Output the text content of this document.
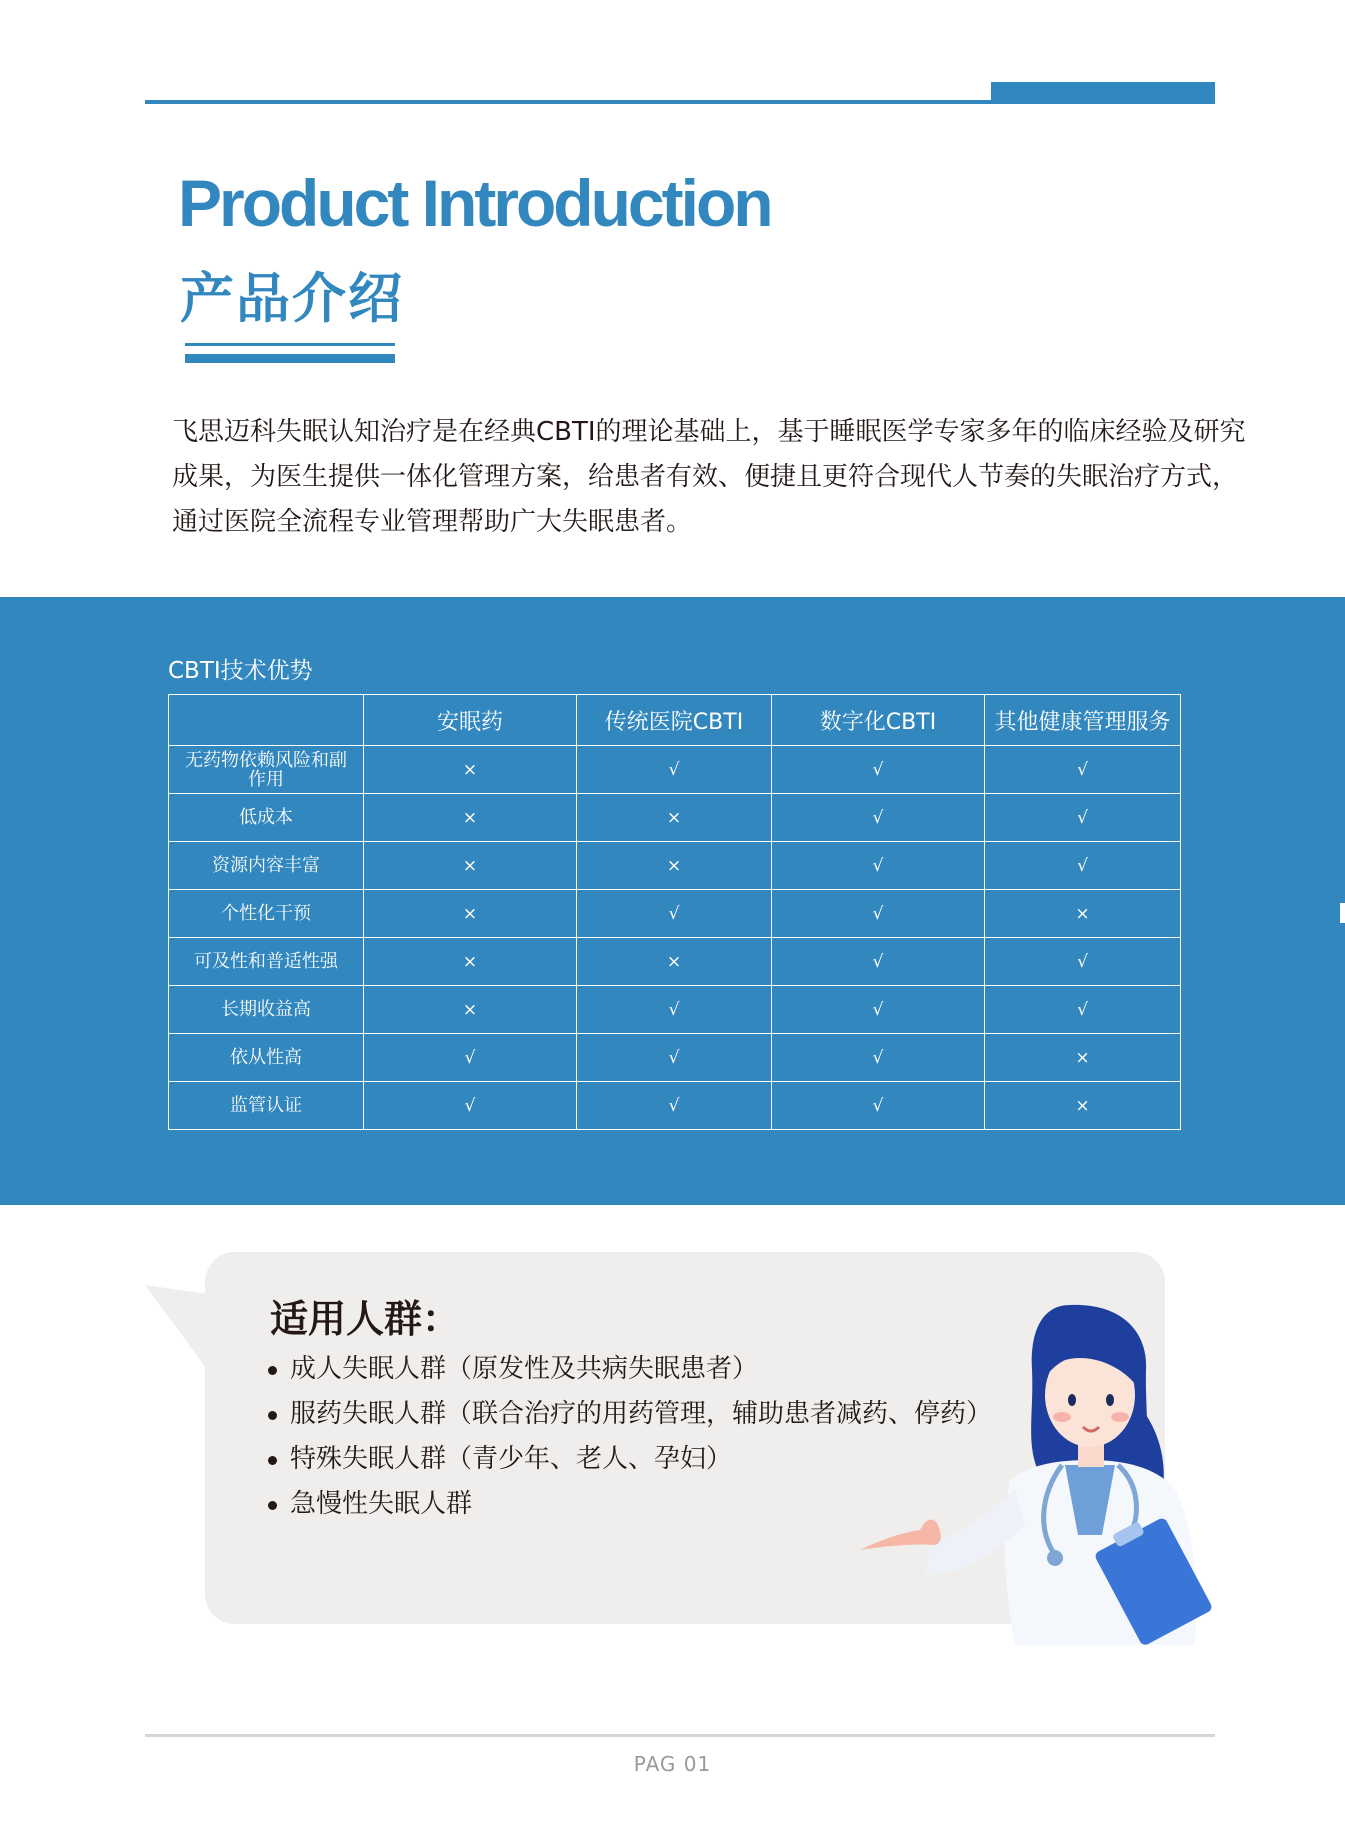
Product Introduction
产品介绍

飞思迈科失眠认知治疗是在经典CBTI的理论基础上，基于睡眠医学专家多年的临床经验及研究成果，为医生提供一体化管理方案，给患者有效、便捷且更符合现代人节奏的失眠治疗方式，通过医院全流程专业管理帮助广大失眠患者。

CBTI技术优势

	安眠药	传统医院CBTI	数字化CBTI	其他健康管理服务
无药物依赖风险和副作用	×	√	√	√
低成本	×	×	√	√
资源内容丰富	×	×	√	√
个性化干预	×	√	√	×
可及性和普适性强	×	×	√	√
长期收益高	×	√	√	√
依从性高	√	√	√	×
监管认证	√	√	√	×
适用人群：
成人失眠人群（原发性及共病失眠患者）
服药失眠人群（联合治疗的用药管理，辅助患者减药、停药）
特殊失眠人群（青少年、老人、孕妇）
急慢性失眠人群

PAG 01
